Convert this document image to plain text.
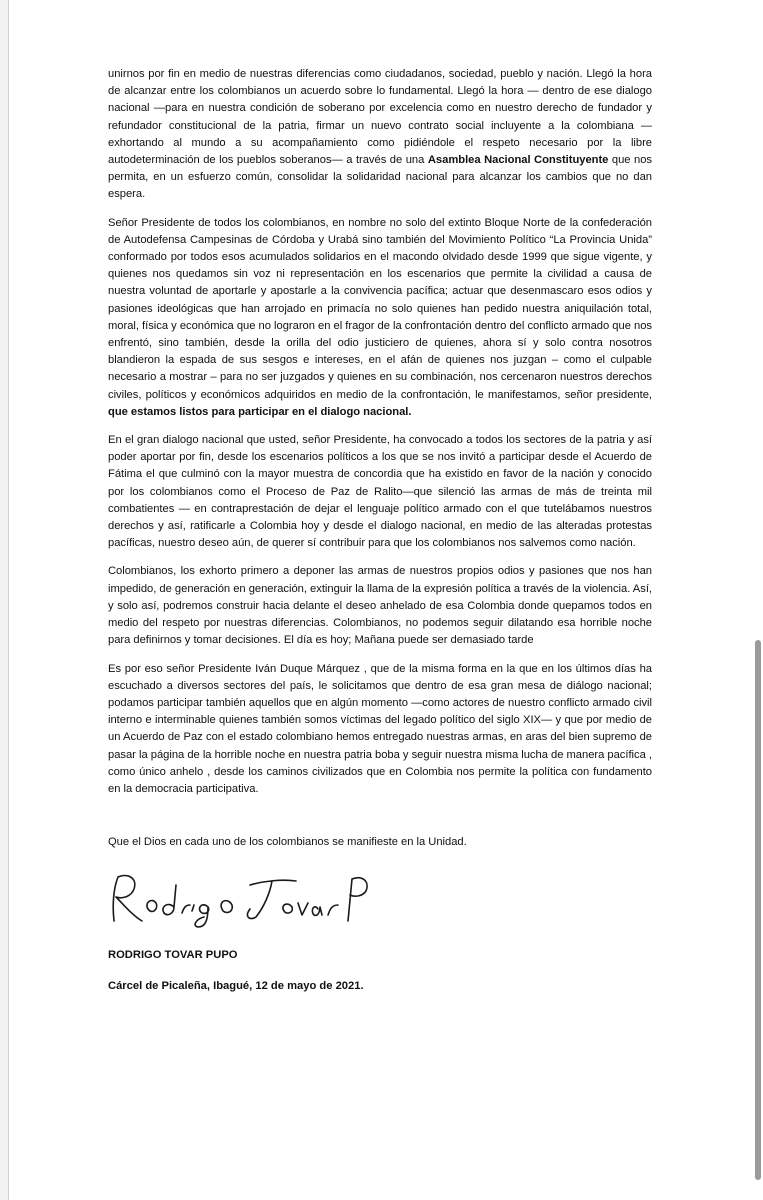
unirnos por fin en medio de nuestras diferencias como ciudadanos, sociedad, pueblo y nación. Llegó la hora de alcanzar entre los colombianos un acuerdo sobre lo fundamental. Llegó la hora — dentro de ese dialogo nacional —para en nuestra condición de soberano por excelencia como en nuestro derecho de fundador y refundador constitucional de la patria, firmar un nuevo contrato social incluyente a la colombiana — exhortando al mundo a su acompañamiento como pidiéndole el respeto necesario por la libre autodeterminación de los pueblos soberanos— a través de una Asamblea Nacional Constituyente que nos permita, en un esfuerzo común, consolidar la solidaridad nacional para alcanzar los cambios que no dan espera.

Señor Presidente de todos los colombianos, en nombre no solo del extinto Bloque Norte de la confederación de Autodefensa Campesinas de Córdoba y Urabá sino también del Movimiento Político “La Provincia Unida” conformado por todos esos acumulados solidarios en el macondo olvidado desde 1999 que sigue vigente, y quienes nos quedamos sin voz ni representación en los escenarios que permite la civilidad a causa de nuestra voluntad de aportarle y apostarle a la convivencia pacífica; actuar que desenmascaro esos odios y pasiones ideológicas que han arrojado en primacía no solo quienes han pedido nuestra aniquilación total, moral, física y económica que no lograron en el fragor de la confrontación dentro del conflicto armado que nos enfrentó, sino también, desde la orilla del odio justiciero de quienes, ahora sí y solo contra nosotros blandieron la espada de sus sesgos e intereses, en el afán de quienes nos juzgan – como el culpable necesario a mostrar – para no ser juzgados y quienes en su combinación, nos cercenaron nuestros derechos civiles, políticos y económicos adquiridos en medio de la confrontación, le manifestamos, señor presidente, que estamos listos para participar en el dialogo nacional.

En el gran dialogo nacional que usted, señor Presidente, ha convocado a todos los sectores de la patria y así poder aportar por fin, desde los escenarios políticos a los que se nos invitó a participar desde el Acuerdo de Fátima el que culminó con la mayor muestra de concordia que ha existido en favor de la nación y conocido por los colombianos como el Proceso de Paz de Ralito—que silenció las armas de más de treinta mil combatientes — en contraprestación de dejar el lenguaje político armado con el que tutelábamos nuestros derechos y así, ratificarle a Colombia hoy y desde el dialogo nacional, en medio de las alteradas protestas pacíficas, nuestro deseo aún, de querer sí contribuir para que los colombianos nos salvemos como nación.

Colombianos, los exhorto primero a deponer las armas de nuestros propios odios y pasiones que nos han impedido, de generación en generación, extinguir la llama de la expresión política a través de la violencia. Así, y solo así, podremos construir hacia delante el deseo anhelado de esa Colombia donde quepamos todos en medio del respeto por nuestras diferencias. Colombianos, no podemos seguir dilatando esa horrible noche para definirnos y tomar decisiones. El día es hoy; Mañana puede ser demasiado tarde

Es por eso señor Presidente Iván Duque Márquez , que de la misma forma en la que en los últimos días ha escuchado a diversos sectores del país, le solicitamos que dentro de esa gran mesa de diálogo nacional; podamos participar también aquellos que en algún momento —como actores de nuestro conflicto armado civil interno e interminable quienes también somos víctimas del legado político del siglo XIX— y que por medio de un Acuerdo de Paz con el estado colombiano hemos entregado nuestras armas, en aras del bien supremo de pasar la página de la horrible noche en nuestra patria boba y seguir nuestra misma lucha de manera pacífica , como único anhelo , desde los caminos civilizados que en Colombia nos permite la política con fundamento en la democracia participativa.

Que el Dios en cada uno de los colombianos se manifieste en la Unidad.

RODRIGO TOVAR PUPO

Cárcel de Picaleña, Ibagué, 12 de mayo de 2021.
